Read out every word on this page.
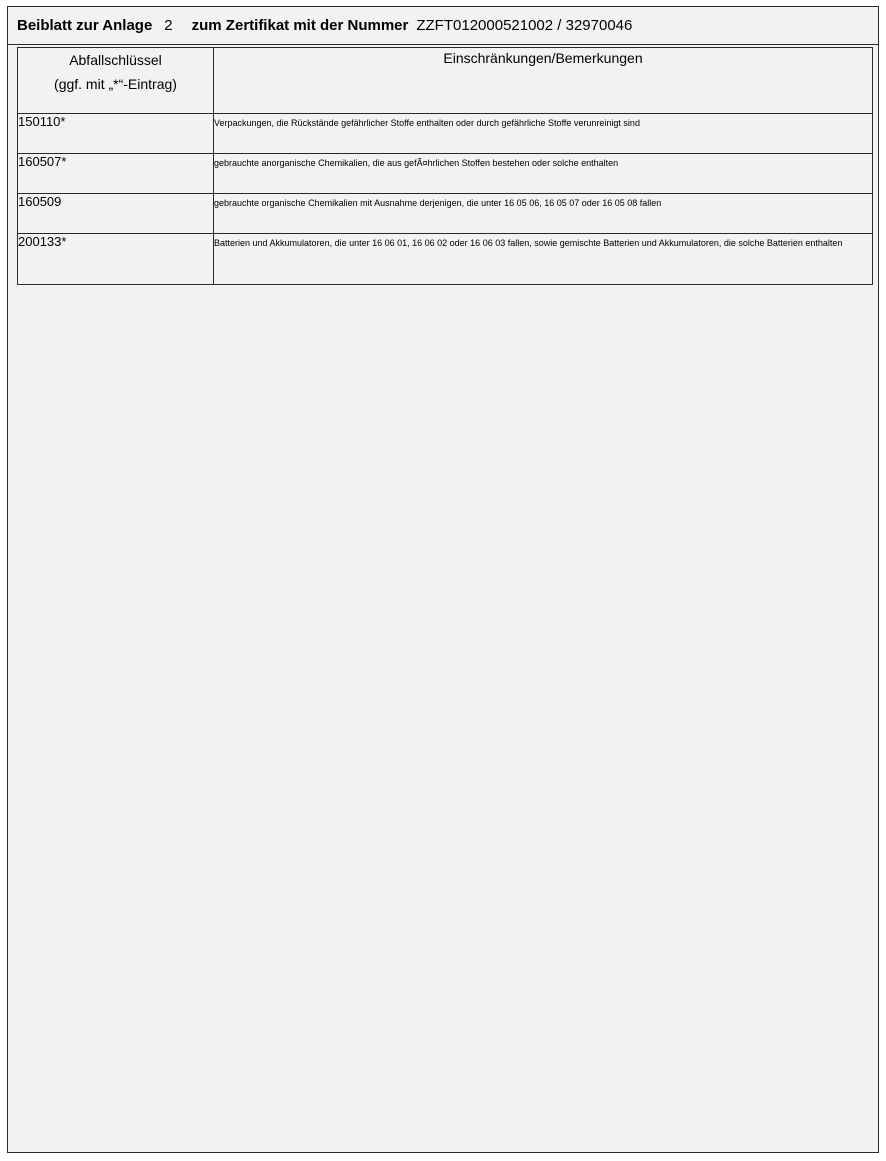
Beiblatt zur Anlage 2 zum Zertifikat mit der Nummer ZZFT012000521002 / 32970046
Abfallschlüssel
(ggf. mit „*“-Eintrag)	Einschränkungen/Bemerkungen
150110*	Verpackungen, die Rückstände gefährlicher Stoffe enthalten oder durch gefährliche Stoffe verunreinigt sind
160507*	gebrauchte anorganische Chemikalien, die aus gefÃ¤hrlichen Stoffen bestehen oder solche enthalten
160509	gebrauchte organische Chemikalien mit Ausnahme derjenigen, die unter 16 05 06, 16 05 07 oder 16 05 08 fallen
200133*	Batterien und Akkumulatoren, die unter 16 06 01, 16 06 02 oder 16 06 03 fallen, sowie gemischte Batterien und Akkumulatoren, die solche Batterien enthalten
